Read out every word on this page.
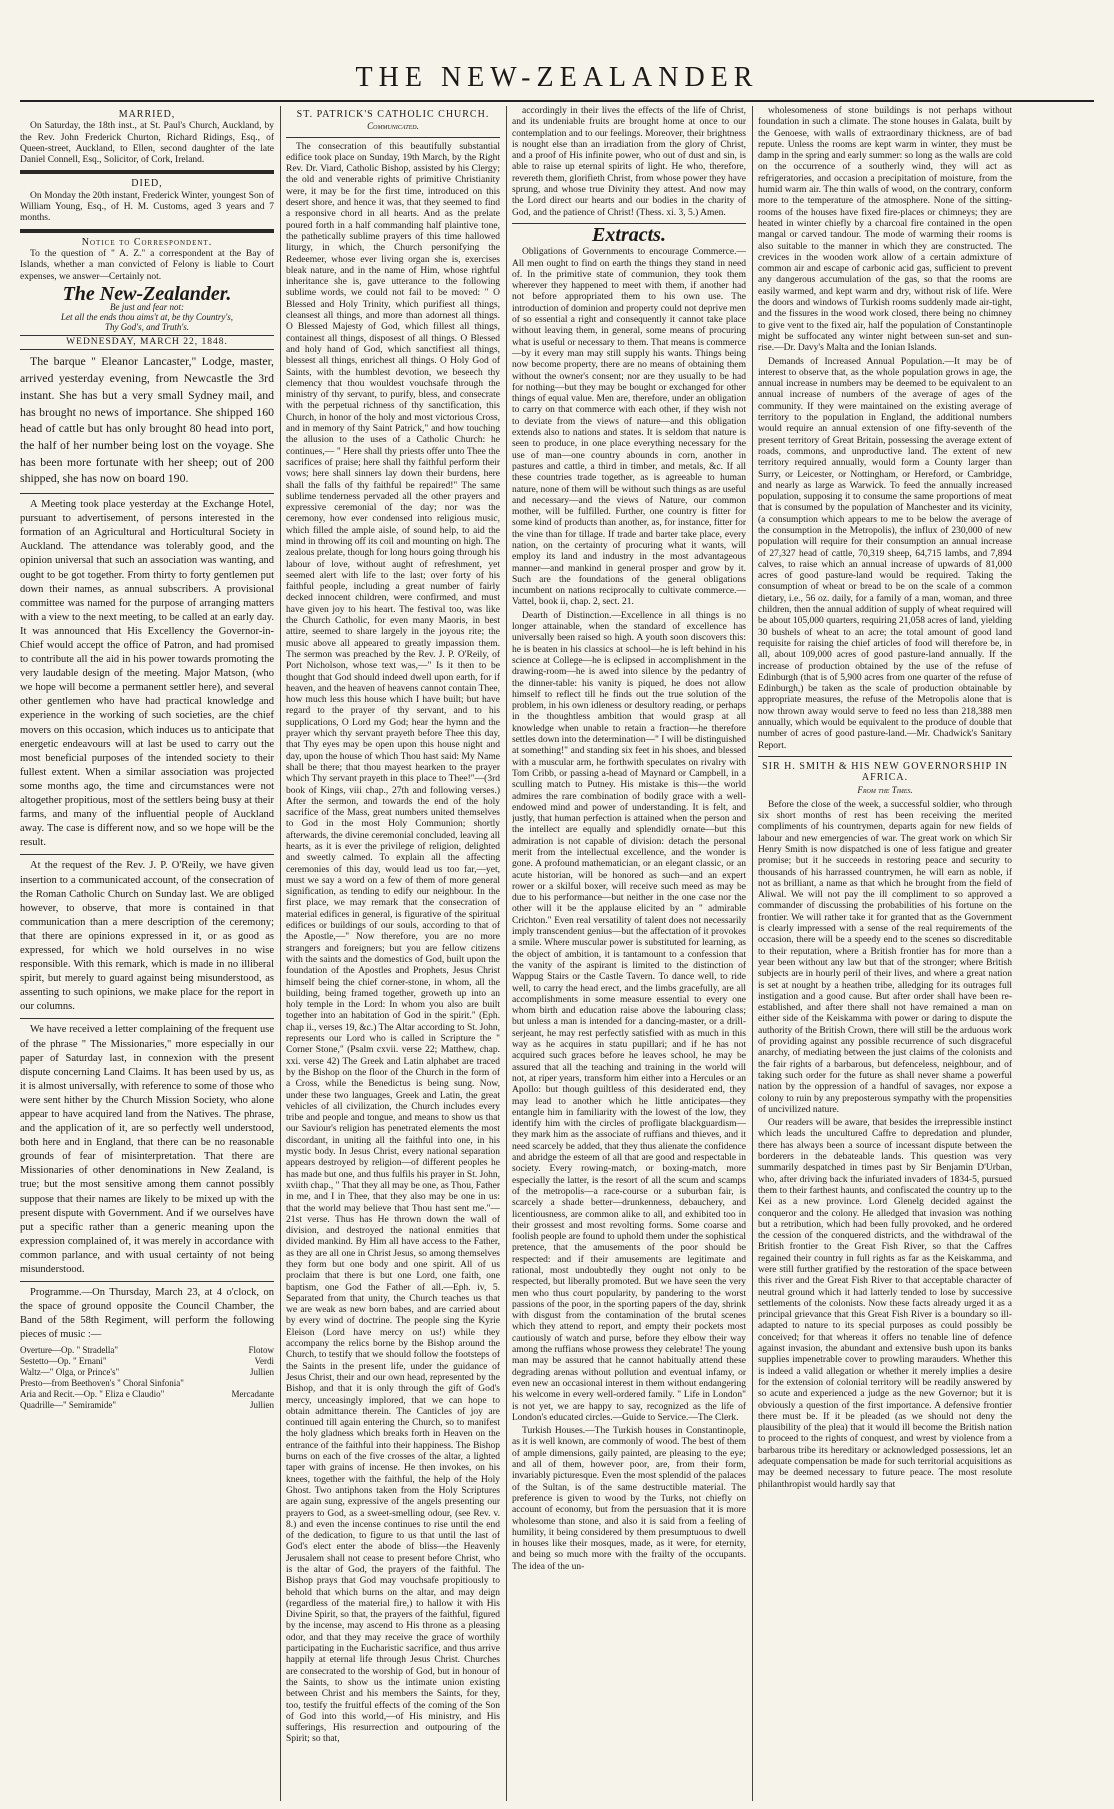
THE NEW-ZEALANDER
MARRIED,

On Saturday, the 18th inst., at St. Paul's Church, Auckland, by the Rev. John Frederick Churton, Richard Ridings, Esq., of Queen-street, Auckland, to Ellen, second daughter of the late Daniel Connell, Esq., Solicitor, of Cork, Ireland.

DIED,

On Monday the 20th instant, Frederick Winter, youngest Son of William Young, Esq., of H. M. Customs, aged 3 years and 7 months.

Notice to Correspondent.

To the question of " A. Z." a correspondent at the Bay of Islands, whether a man convicted of Felony is liable to Court expenses, we answer—Certainly not.

The New-Zealander.
Be just and fear not:
Let all the ends thou aims't at, be thy Country's,
Thy God's, and Truth's.
WEDNESDAY, MARCH 22, 1848.

The barque " Eleanor Lancaster," Lodge, master, arrived yesterday evening, from Newcastle the 3rd instant. She has but a very small Sydney mail, and has brought no news of importance. She shipped 160 head of cattle but has only brought 80 head into port, the half of her number being lost on the voyage. She has been more fortunate with her sheep; out of 200 shipped, she has now on board 190.

A Meeting took place yesterday at the Exchange Hotel, pursuant to advertisement, of persons interested in the formation of an Agricultural and Horticultural Society in Auckland. The attendance was tolerably good, and the opinion universal that such an association was wanting, and ought to be got together. From thirty to forty gentlemen put down their names, as annual subscribers. A provisional committee was named for the purpose of arranging matters with a view to the next meeting, to be called at an early day. It was announced that His Excellency the Governor-in-Chief would accept the office of Patron, and had promised to contribute all the aid in his power towards promoting the very laudable design of the meeting. Major Matson, (who we hope will become a permanent settler here), and several other gentlemen who have had practical knowledge and experience in the working of such societies, are the chief movers on this occasion, which induces us to anticipate that energetic endeavours will at last be used to carry out the most beneficial purposes of the intended society to their fullest extent. When a similar association was projected some months ago, the time and circumstances were not altogether propitious, most of the settlers being busy at their farms, and many of the influential people of Auckland away. The case is different now, and so we hope will be the result.

At the request of the Rev. J. P. O'Reily, we have given insertion to a communicated account, of the consecration of the Roman Catholic Church on Sunday last. We are obliged however, to observe, that more is contained in that communication than a mere description of the ceremony; that there are opinions expressed in it, or as good as expressed, for which we hold ourselves in no wise responsible. With this remark, which is made in no illiberal spirit, but merely to guard against being misunderstood, as assenting to such opinions, we make place for the report in our columns.

We have received a letter complaining of the frequent use of the phrase " The Missionaries," more especially in our paper of Saturday last, in connexion with the present dispute concerning Land Claims. It has been used by us, as it is almost universally, with reference to some of those who were sent hither by the Church Mission Society, who alone appear to have acquired land from the Natives. The phrase, and the application of it, are so perfectly well understood, both here and in England, that there can be no reasonable grounds of fear of misinterpretation. That there are Missionaries of other denominations in New Zealand, is true; but the most sensitive among them cannot possibly suppose that their names are likely to be mixed up with the present dispute with Government. And if we ourselves have put a specific rather than a generic meaning upon the expression complained of, it was merely in accordance with common parlance, and with usual certainty of not being misunderstood.

Programme.—On Thursday, March 23, at 4 o'clock, on the space of ground opposite the Council Chamber, the Band of the 58th Regiment, will perform the following pieces of music :—

Overture—Op. " Stradella"	Flotow
Sestetto—Op. " Ernani"	Verdi
Waltz—" Olga, or Prince's"	Jullien
Presto—from Beethoven's " Choral Sinfonia"
Aria and Recit.—Op. " Eliza e Claudio"	Mercadante
Quadrille—" Semiramide"	Jullien
ST. PATRICK'S CATHOLIC CHURCH.
Communicated.

The consecration of this beautifully substantial edifice took place on Sunday, 19th March, by the Right Rev. Dr. Viard, Catholic Bishop, assisted by his Clergy; the old and venerable rights of primitive Christianity were, it may be for the first time, introduced on this desert shore, and hence it was, that they seemed to find a responsive chord in all hearts. And as the prelate poured forth in a half commanding half plaintive tone, the pathetically sublime prayers of this time hallowed liturgy, in which, the Church personifying the Redeemer, whose ever living organ she is, exercises bleak nature, and in the name of Him, whose rightful inheritance she is, gave utterance to the following sublime words, we could not fail to be moved: " O Blessed and Holy Trinity, which purifiest all things, cleansest all things, and more than adornest all things. O Blessed Majesty of God, which fillest all things, containest all things, disposest of all things. O Blessed and holy hand of God, which sanctifiest all things, blessest all things, enrichest all things. O Holy God of Saints, with the humblest devotion, we beseech thy clemency that thou wouldest vouchsafe through the ministry of thy servant, to purify, bless, and consecrate with the perpetual richness of thy sanctification, this Church, in honor of the holy and most victorious Cross, and in memory of thy Saint Patrick," and how touching the allusion to the uses of a Catholic Church: he continues,— " Here shall thy priests offer unto Thee the sacrifices of praise; here shall thy faithful perform their vows; here shall sinners lay down their burdens, here shall the falls of thy faithful be repaired!" The same sublime tenderness pervaded all the other prayers and expressive ceremonial of the day; nor was the ceremony, how ever condensed into religious music, which filled the ample aisle, of sound help, to aid the mind in throwing off its coil and mounting on high. The zealous prelate, though for long hours going through his labour of love, without aught of refreshment, yet seemed alert with life to the last; over forty of his faithful people, including a great number of fairly decked innocent children, were confirmed, and must have given joy to his heart. The festival too, was like the Church Catholic, for even many Maoris, in best attire, seemed to share largely in the joyous rite; the music above all appeared to greatly impassion them. The sermon was preached by the Rev. J. P. O'Reily, of Port Nicholson, whose text was,—" Is it then to be thought that God should indeed dwell upon earth, for if heaven, and the heaven of heavens cannot contain Thee, how much less this house which I have built; but have regard to the prayer of thy servant, and to his supplications, O Lord my God; hear the hymn and the prayer which thy servant prayeth before Thee this day, that Thy eyes may be open upon this house night and day, upon the house of which Thou hast said: My Name shall be there; that thou mayest hearken to the prayer which Thy servant prayeth in this place to Thee!"—(3rd book of Kings, viii chap., 27th and following verses.) After the sermon, and towards the end of the holy sacrifice of the Mass, great numbers united themselves to God in the most Holy Communion; shortly afterwards, the divine ceremonial concluded, leaving all hearts, as it is ever the privilege of religion, delighted and sweetly calmed. To explain all the affecting ceremonies of this day, would lead us too far,—yet, must we say a word on a few of them of more general signification, as tending to edify our neighbour. In the first place, we may remark that the consecration of material edifices in general, is figurative of the spiritual edifices or buildings of our souls, according to that of the Apostle,—" Now therefore, you are no more strangers and foreigners; but you are fellow citizens with the saints and the domestics of God, built upon the foundation of the Apostles and Prophets, Jesus Christ himself being the chief corner-stone, in whom, all the building, being framed together, groweth up into an holy temple in the Lord: In whom you also are built together into an habitation of God in the spirit." (Eph. chap ii., verses 19, &c.) The Altar according to St. John, represents our Lord who is called in Scripture the " Corner Stone," (Psalm cxvii. verse 22; Matthew, chap. xxi. verse 42) The Greek and Latin alphabet are traced by the Bishop on the floor of the Church in the form of a Cross, while the Benedictus is being sung. Now, under these two languages, Greek and Latin, the great vehicles of all civilization, the Church includes every tribe and people and tongue, and means to show us that our Saviour's religion has penetrated elements the most discordant, in uniting all the faithful into one, in his mystic body. In Jesus Christ, every national separation appears destroyed by religion—of different peoples he has made but one, and thus fulfils his prayer in St. John, xviith chap., " That they all may be one, as Thou, Father in me, and I in Thee, that they also may be one in us: that the world may believe that Thou hast sent me."—21st verse. Thus has He thrown down the wall of division, and destroyed the national enmities that divided mankind. By Him all have access to the Father, as they are all one in Christ Jesus, so among themselves they form but one body and one spirit. All of us proclaim that there is but one Lord, one faith, one baptism, one God the Father of all.—Eph. iv, 5. Separated from that unity, the Church teaches us that we are weak as new born babes, and are carried about by every wind of doctrine. The people sing the Kyrie Eleison (Lord have mercy on us!) while they accompany the relics borne by the Bishop around the Church, to testify that we should follow the footsteps of the Saints in the present life, under the guidance of Jesus Christ, their and our own head, represented by the Bishop, and that it is only through the gift of God's mercy, unceasingly implored, that we can hope to obtain admittance therein. The Canticles of joy are continued till again entering the Church, so to manifest the holy gladness which breaks forth in Heaven on the entrance of the faithful into their happiness. The Bishop burns on each of the five crosses of the altar, a lighted taper with grains of incense. He then invokes, on his knees, together with the faithful, the help of the Holy Ghost. Two antiphons taken from the Holy Scriptures are again sung, expressive of the angels presenting our prayers to God, as a sweet-smelling odour, (see Rev. v. 8.) and even the incense continues to rise until the end of the dedication, to figure to us that until the last of God's elect enter the abode of bliss—the Heavenly Jerusalem shall not cease to present before Christ, who is the altar of God, the prayers of the faithful. The Bishop prays that God may vouchsafe propitiously to behold that which burns on the altar, and may deign (regardless of the material fire,) to hallow it with His Divine Spirit, so that, the prayers of the faithful, figured by the incense, may ascend to His throne as a pleasing odor, and that they may receive the grace of worthily participating in the Eucharistic sacrifice, and thus arrive happily at eternal life through Jesus Christ. Churches are consecrated to the worship of God, but in honour of the Saints, to show us the intimate union existing between Christ and his members the Saints, for they, too, testify the fruitful effects of the coming of the Son of God into this world,—of His ministry, and His sufferings, His resurrection and outpouring of the Spirit; so that,

accordingly in their lives the effects of the life of Christ, and its undeniable fruits are brought home at once to our contemplation and to our feelings. Moreover, their brightness is nought else than an irradiation from the glory of Christ, and a proof of His infinite power, who out of dust and sin, is able to raise up eternal spirits of light. He who, therefore, revereth them, glorifieth Christ, from whose power they have sprung, and whose true Divinity they attest. And now may the Lord direct our hearts and our bodies in the charity of God, and the patience of Christ! (Thess. xi. 3, 5.) Amen.

Extracts.

Obligations of Governments to encourage Commerce.—All men ought to find on earth the things they stand in need of. In the primitive state of communion, they took them wherever they happened to meet with them, if another had not before appropriated them to his own use. The introduction of dominion and property could not deprive men of so essential a right and consequently it cannot take place without leaving them, in general, some means of procuring what is useful or necessary to them. That means is commerce—by it every man may still supply his wants. Things being now become property, there are no means of obtaining them without the owner's consent; nor are they usually to be had for nothing—but they may be bought or exchanged for other things of equal value. Men are, therefore, under an obligation to carry on that commerce with each other, if they wish not to deviate from the views of nature—and this obligation extends also to nations and states. It is seldom that nature is seen to produce, in one place everything necessary for the use of man—one country abounds in corn, another in pastures and cattle, a third in timber, and metals, &c. If all these countries trade together, as is agreeable to human nature, none of them will be without such things as are useful and necessary—and the views of Nature, our common mother, will be fulfilled. Further, one country is fitter for some kind of products than another, as, for instance, fitter for the vine than for tillage. If trade and barter take place, every nation, on the certainty of procuring what it wants, will employ its land and industry in the most advantageous manner—and mankind in general prosper and grow by it. Such are the foundations of the general obligations incumbent on nations reciprocally to cultivate commerce.—Vattel, book ii, chap. 2, sect. 21.

Dearth of Distinction.—Excellence in all things is no longer attainable, when the standard of excellence has universally been raised so high. A youth soon discovers this: he is beaten in his classics at school—he is left behind in his science at College—he is eclipsed in accomplishment in the drawing-room—he is awed into silence by the pedantry of the dinner-table: his vanity is piqued, he does not allow himself to reflect till he finds out the true solution of the problem, in his own idleness or desultory reading, or perhaps in the thoughtless ambition that would grasp at all knowledge when unable to retain a fraction—he therefore settles down into the determination—" I will be distinguished at something!" and standing six feet in his shoes, and blessed with a muscular arm, he forthwith speculates on rivalry with Tom Cribb, or passing a-head of Maynard or Campbell, in a sculling match to Putney. His mistake is this—the world admires the rare combination of bodily grace with a well-endowed mind and power of understanding. It is felt, and justly, that human perfection is attained when the person and the intellect are equally and splendidly ornate—but this admiration is not capable of division: detach the personal merit from the intellectual excellence, and the wonder is gone. A profound mathematician, or an elegant classic, or an acute historian, will be honored as such—and an expert rower or a skilful boxer, will receive such meed as may be due to his performance—but neither in the one case nor the other will it be the applause elicited by an " admirable Crichton." Even real versatility of talent does not necessarily imply transcendent genius—but the affectation of it provokes a smile. Where muscular power is substituted for learning, as the object of ambition, it is tantamount to a confession that the vanity of the aspirant is limited to the distinction of Wappug Stairs or the Castle Tavern. To dance well, to ride well, to carry the head erect, and the limbs gracefully, are all accomplishments in some measure essential to every one whom birth and education raise above the labouring class; but unless a man is intended for a dancing-master, or a drill-serjeant, he may rest perfectly satisfied with as much in this way as he acquires in statu pupillari; and if he has not acquired such graces before he leaves school, he may be assured that all the teaching and training in the world will not, at riper years, transform him either into a Hercules or an Apollo: but though guiltless of this desiderated end, they may lead to another which he little anticipates—they entangle him in familiarity with the lowest of the low, they identify him with the circles of profligate blackguardism—they mark him as the associate of ruffians and thieves, and it need scarcely be added, that they thus alienate the confidence and abridge the esteem of all that are good and respectable in society. Every rowing-match, or boxing-match, more especially the latter, is the resort of all the scum and scamps of the metropolis—a race-course or a suburban fair, is scarcely a shade better—drunkenness, debauchery, and licentiousness, are common alike to all, and exhibited too in their grossest and most revolting forms. Some coarse and foolish people are found to uphold them under the sophistical pretence, that the amusements of the poor should be respected: and if their amusements are legitimate and rational, most undoubtedly they ought not only to be respected, but liberally promoted. But we have seen the very men who thus court popularity, by pandering to the worst passions of the poor, in the sporting papers of the day, shrink with disgust from the contamination of the brutal scenes which they attend to report, and empty their pockets most cautiously of watch and purse, before they elbow their way among the ruffians whose prowess they celebrate! The young man may be assured that he cannot habitually attend these degrading arenas without pollution and eventual infamy, or even new an occasional interest in them without endangering his welcome in every well-ordered family. " Life in London" is not yet, we are happy to say, recognized as the life of London's educated circles.—Guide to Service.—The Clerk.

Turkish Houses.—The Turkish houses in Constantinople, as it is well known, are commonly of wood. The best of them of ample dimensions, gaily painted, are pleasing to the eye; and all of them, however poor, are, from their form, invariably picturesque. Even the most splendid of the palaces of the Sultan, is of the same destructible material. The preference is given to wood by the Turks, not chiefly on account of economy, but from the persuasion that it is more wholesome than stone, and also it is said from a feeling of humility, it being considered by them presumptuous to dwell in houses like their mosques, made, as it were, for eternity, and being so much more with the frailty of the occupants. The idea of the un-

wholesomeness of stone buildings is not perhaps without foundation in such a climate. The stone houses in Galata, built by the Genoese, with walls of extraordinary thickness, are of bad repute. Unless the rooms are kept warm in winter, they must be damp in the spring and early summer: so long as the walls are cold on the occurrence of a southerly wind, they will act as refrigeratories, and occasion a precipitation of moisture, from the humid warm air. The thin walls of wood, on the contrary, conform more to the temperature of the atmosphere. None of the sitting-rooms of the houses have fixed fire-places or chimneys; they are heated in winter chiefly by a charcoal fire contained in the open mangal or carved tandour. The mode of warming their rooms is also suitable to the manner in which they are constructed. The crevices in the wooden work allow of a certain admixture of common air and escape of carbonic acid gas, sufficient to prevent any dangerous accumulation of the gas, so that the rooms are easily warmed, and kept warm and dry, without risk of life. Were the doors and windows of Turkish rooms suddenly made air-tight, and the fissures in the wood work closed, there being no chimney to give vent to the fixed air, half the population of Constantinople might be suffocated any winter night between sun-set and sun-rise.—Dr. Davy's Malta and the Ionian Islands.

Demands of Increased Annual Population.—It may be of interest to observe that, as the whole population grows in age, the annual increase in numbers may be deemed to be equivalent to an annual increase of numbers of the average of ages of the community. If they were maintained on the existing average of territory to the population in England, the additional numbers would require an annual extension of one fifty-seventh of the present territory of Great Britain, possessing the average extent of roads, commons, and unproductive land. The extent of new territory required annually, would form a County larger than Surry, or Leicester, or Nottingham, or Hereford, or Cambridge, and nearly as large as Warwick. To feed the annually increased population, supposing it to consume the same proportions of meat that is consumed by the population of Manchester and its vicinity, (a consumption which appears to me to be below the average of the consumption in the Metropolis), the influx of 230,000 of new population will require for their consumption an annual increase of 27,327 head of cattle, 70,319 sheep, 64,715 lambs, and 7,894 calves, to raise which an annual increase of upwards of 81,000 acres of good pasture-land would be required. Taking the consumption of wheat or bread to be on the scale of a common dietary, i.e., 56 oz. daily, for a family of a man, woman, and three children, then the annual addition of supply of wheat required will be about 105,000 quarters, requiring 21,058 acres of land, yielding 30 bushels of wheat to an acre; the total amount of good land requisite for raising the chief articles of food will therefore be, in all, about 109,000 acres of good pasture-land annually. If the increase of production obtained by the use of the refuse of Edinburgh (that is of 5,900 acres from one quarter of the refuse of Edinburgh,) be taken as the scale of production obtainable by appropriate measures, the refuse of the Metropolis alone that is now thrown away would serve to feed no less than 218,388 men annually, which would be equivalent to the produce of double that number of acres of good pasture-land.—Mr. Chadwick's Sanitary Report.

SIR H. SMITH & HIS NEW GOVERNORSHIP IN AFRICA.
From the Times.

Before the close of the week, a successful soldier, who through six short months of rest has been receiving the merited compliments of his countrymen, departs again for new fields of labour and new emergencies of war. The great work on which Sir Henry Smith is now dispatched is one of less fatigue and greater promise; but it he succeeds in restoring peace and security to thousands of his harrassed countrymen, he will earn as noble, if not as brilliant, a name as that which he brought from the field of Aliwal. We will not pay the ill compliment to so approved a commander of discussing the probabilities of his fortune on the frontier. We will rather take it for granted that as the Government is clearly impressed with a sense of the real requirements of the occasion, there will be a speedy end to the scenes so discreditable to their reputation, where a British frontier has for more than a year been without any law but that of the stronger; where British subjects are in hourly peril of their lives, and where a great nation is set at nought by a heathen tribe, alledging for its outrages full instigation and a good cause. But after order shall have been re-established, and after there shall not have remained a man on either side of the Keiskamma with power or daring to dispute the authority of the British Crown, there will still be the arduous work of providing against any possible recurrence of such disgraceful anarchy, of mediating between the just claims of the colonists and the fair rights of a barbarous, but defenceless, neighbour, and of taking such order for the future as shall never shame a powerful nation by the oppression of a handful of savages, nor expose a colony to ruin by any preposterous sympathy with the propensities of uncivilized nature.

Our readers will be aware, that besides the irrepressible instinct which leads the uncultured Caffre to depredation and plunder, there has always been a source of incessant dispute between the borderers in the debateable lands. This question was very summarily despatched in times past by Sir Benjamin D'Urban, who, after driving back the infuriated invaders of 1834-5, pursued them to their farthest haunts, and confiscated the country up to the Kei as a new province. Lord Glenelg decided against the conqueror and the colony. He alledged that invasion was nothing but a retribution, which had been fully provoked, and he ordered the cession of the conquered districts, and the withdrawal of the British frontier to the Great Fish River, so that the Caffres regained their country in full rights as far as the Keiskamma, and were still further gratified by the restoration of the space between this river and the Great Fish River to that acceptable character of neutral ground which it had latterly tended to lose by successive settlements of the colonists. Now these facts already urged it as a principal grievance that this Great Fish River is a boundary so ill-adapted to nature to its special purposes as could possibly be conceived; for that whereas it offers no tenable line of defence against invasion, the abundant and extensive bush upon its banks supplies impenetrable cover to prowling marauders. Whether this is indeed a valid allegation or whether it merely implies a desire for the extension of colonial territory will be readily answered by so acute and experienced a judge as the new Governor; but it is obviously a question of the first importance. A defensive frontier there must be. If it be pleaded (as we should not deny the plausibility of the plea) that it would ill become the British nation to proceed to the rights of conquest, and wrest by violence from a barbarous tribe its hereditary or acknowledged possessions, let an adequate compensation be made for such territorial acquisitions as may be deemed necessary to future peace. The most resolute philanthropist would hardly say that
